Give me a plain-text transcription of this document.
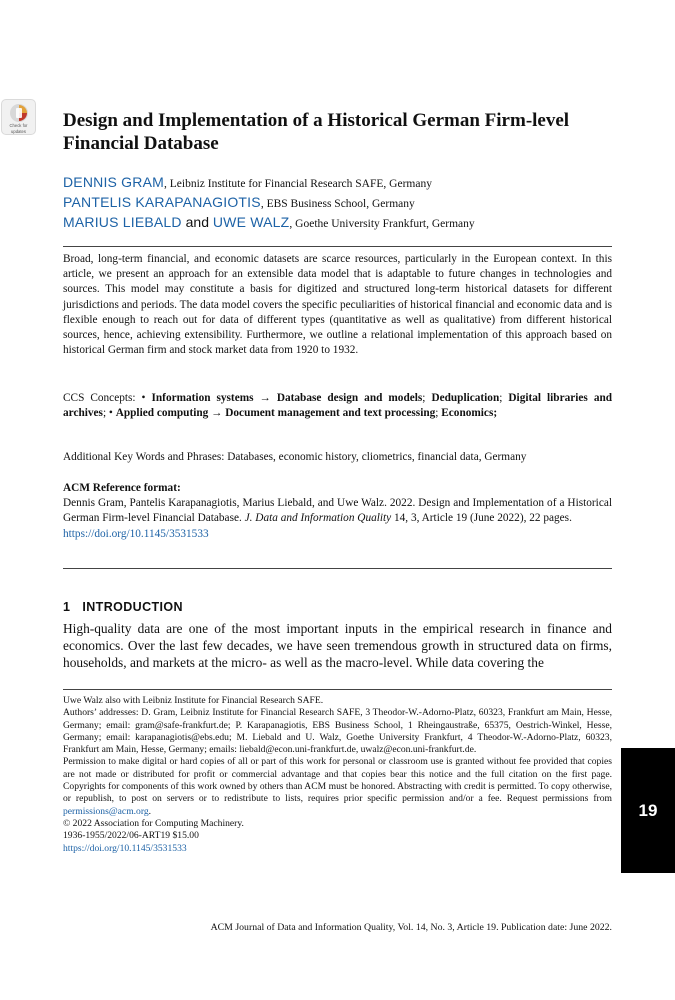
Check for
updates
Design and Implementation of a Historical German Firm-level Financial Database
DENNIS GRAM, Leibniz Institute for Financial Research SAFE, Germany
PANTELIS KARAPANAGIOTIS, EBS Business School, Germany
MARIUS LIEBALD and UWE WALZ, Goethe University Frankfurt, Germany

Broad, long-term financial, and economic datasets are scarce resources, particularly in the European context. In this article, we present an approach for an extensible data model that is adaptable to future changes in technologies and sources. This model may constitute a basis for digitized and structured long-term historical datasets for different jurisdictions and periods. The data model covers the specific peculiarities of historical financial and economic data and is flexible enough to reach out for data of different types (quantitative as well as qualitative) from different historical sources, hence, achieving extensibility. Furthermore, we outline a relational implementation of this approach based on historical German firm and stock market data from 1920 to 1932.

CCS Concepts: • Information systems → Database design and models; Deduplication; Digital libraries and archives; • Applied computing → Document management and text processing; Economics;

Additional Key Words and Phrases: Databases, economic history, cliometrics, financial data, Germany

ACM Reference format:
Dennis Gram, Pantelis Karapanagiotis, Marius Liebald, and Uwe Walz. 2022. Design and Implementation of a Historical German Firm-level Financial Database. J. Data and Information Quality 14, 3, Article 19 (June 2022), 22 pages.
https://doi.org/10.1145/3531533
1 INTRODUCTION

High-quality data are one of the most important inputs in the empirical research in finance and economics. Over the last few decades, we have seen tremendous growth in structured data on firms, households, and markets at the micro- as well as the macro-level. While data covering the

Uwe Walz also with Leibniz Institute for Financial Research SAFE.

Authors’ addresses: D. Gram, Leibniz Institute for Financial Research SAFE, 3 Theodor-W.-Adorno-Platz, 60323, Frankfurt am Main, Hesse, Germany; email: gram@safe-frankfurt.de; P. Karapanagiotis, EBS Business School, 1 Rheingaustraße, 65375, Oestrich-Winkel, Hesse, Germany; email: karapanagiotis@ebs.edu; M. Liebald and U. Walz, Goethe University Frankfurt, 4 Theodor-W.-Adorno-Platz, 60323, Frankfurt am Main, Hesse, Germany; emails: liebald@econ.uni-frankfurt.de, uwalz@econ.uni-frankfurt.de.

Permission to make digital or hard copies of all or part of this work for personal or classroom use is granted without fee provided that copies are not made or distributed for profit or commercial advantage and that copies bear this notice and the full citation on the first page. Copyrights for components of this work owned by others than ACM must be honored. Abstracting with credit is permitted. To copy otherwise, or republish, to post on servers or to redistribute to lists, requires prior specific permission and/or a fee. Request permissions from permissions@acm.org.

© 2022 Association for Computing Machinery.

1936-1955/2022/06-ART19 $15.00

https://doi.org/10.1145/3531533

19

ACM Journal of Data and Information Quality, Vol. 14, No. 3, Article 19. Publication date: June 2022.
